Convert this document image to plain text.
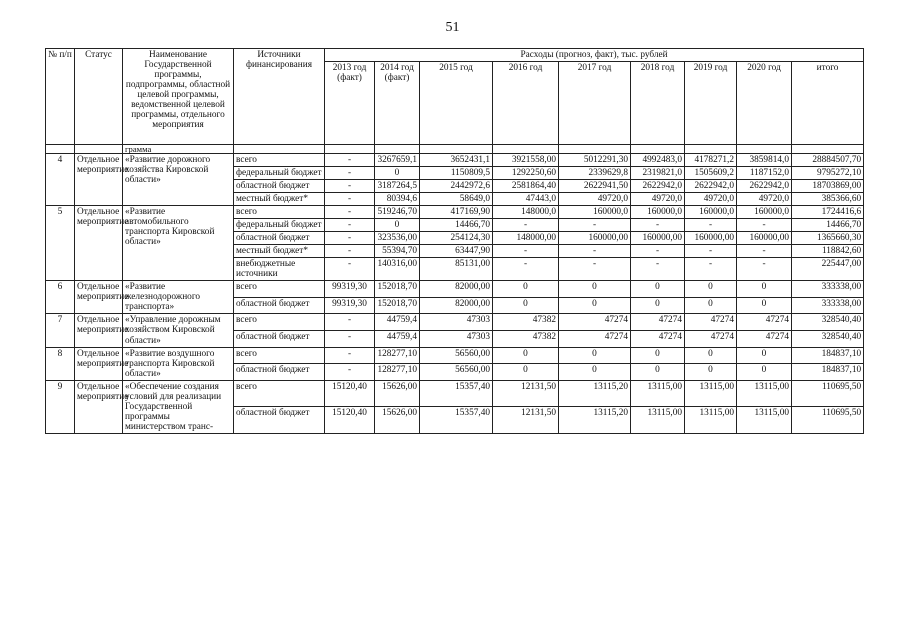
51
№ п/п	Статус	Наименование Государственной программы, подпрограммы, областной целевой программы, ведомственной целевой программы, отдельного мероприятия	Источники финансирования	Расходы (прогноз, факт), тыс. рублей								
				2013 год (факт)	2014 год (факт)	2015 год	2016 год	2017 год	2018 год	2019 год	2020 год	итого
		грамма										
4	Отдельное мероприятие	«Развитие дорожного хозяйства Кировской области»	всего	-	3267659,1	3652431,1	3921558,00	5012291,30	4992483,0	4178271,2	3859814,0	28884507,70
			федеральный бюджет	-	0	1150809,5	1292250,60	2339629,8	2319821,0	1505609,2	1187152,0	9795272,10
			областной бюджет	-	3187264,5	2442972,6	2581864,40	2622941,50	2622942,0	2622942,0	2622942,0	18703869,00
			местный бюджет*	-	80394,6	58649,0	47443,0	49720,0	49720,0	49720,0	49720,0	385366,60
5	Отдельное мероприятие	«Развитие автомобильного транспорта Кировской области»	всего	-	519246,70	417169,90	148000,0	160000,0	160000,0	160000,0	160000,0	1724416,6
			федеральный бюджет	-	0	14466,70	-	-	-	-	-	14466,70
			областной бюджет	-	323536,00	254124,30	148000,00	160000,00	160000,00	160000,00	160000,00	1365660,30
			местный бюджет*	-	55394,70	63447,90	-	-	-	-	-	118842,60
			внебюджетные источники	-	140316,00	85131,00	-	-	-	-	-	225447,00
6	Отдельное мероприятие	«Развитие железнодорожного транспорта»	всего	99319,30	152018,70	82000,00	0	0	0	0	0	333338,00
			областной бюджет	99319,30	152018,70	82000,00	0	0	0	0	0	333338,00
7	Отдельное мероприятие	«Управление дорожным хозяйством Кировской области»	всего	-	44759,4	47303	47382	47274	47274	47274	47274	328540,40
			областной бюджет	-	44759,4	47303	47382	47274	47274	47274	47274	328540,40
8	Отдельное мероприятие	«Развитие воздушного транспорта Кировской области»	всего	-	128277,10	56560,00	0	0	0	0	0	184837,10
			областной бюджет	-	128277,10	56560,00	0	0	0	0	0	184837,10
9	Отдельное мероприятие	«Обеспечение создания условий для реализации Государственной программы министерством транс-	всего	15120,40	15626,00	15357,40	12131,50	13115,20	13115,00	13115,00	13115,00	110695,50
			областной бюджет	15120,40	15626,00	15357,40	12131,50	13115,20	13115,00	13115,00	13115,00	110695,50
